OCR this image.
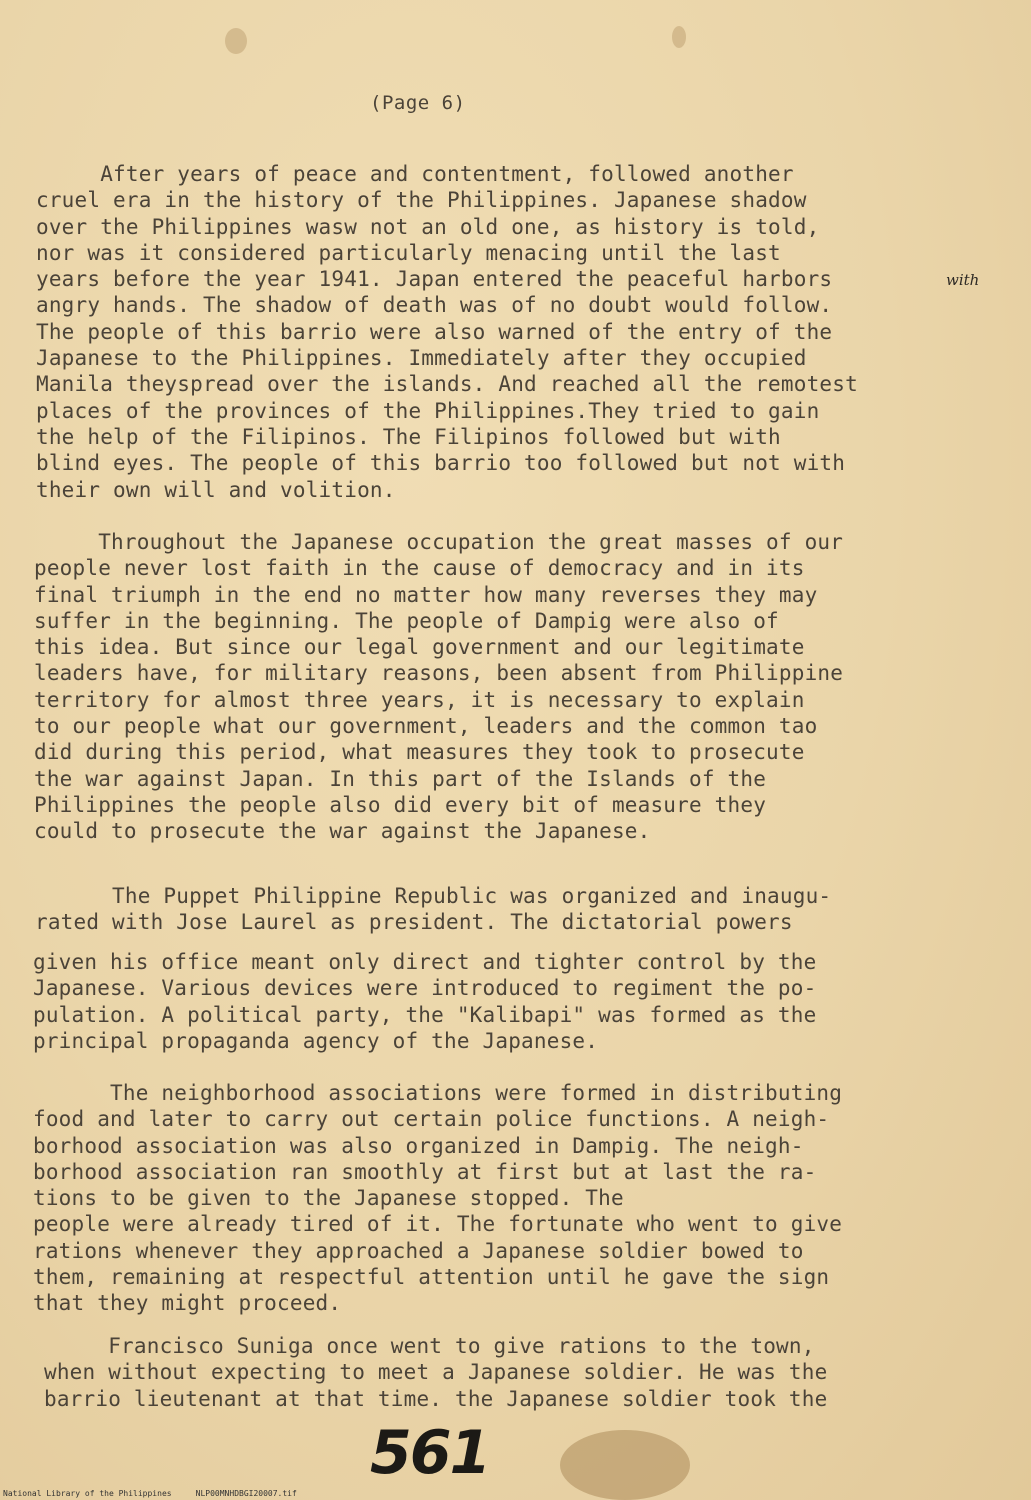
(Page 6)
with

After years of peace and contentment, followed another
cruel era in the history of the Philippines. Japanese shadow
over the Philippines wasw not an old one, as history is told,
nor was it considered particularly menacing until the last
years before the year 1941. Japan entered the peaceful harbors
angry hands. The shadow of death was of no doubt would follow.
The people of this barrio were also warned of the entry of the
Japanese to the Philippines. Immediately after they occupied
Manila theyspread over the islands. And reached all the remotest
places of the provinces of the Philippines.They tried to gain
the help of the Filipinos. The Filipinos followed but with
blind eyes. The people of this barrio too followed but not with
their own will and volition.

Throughout the Japanese occupation the great masses of our
people never lost faith in the cause of democracy and in its
final triumph in the end no matter how many reverses they may
suffer in the beginning. The people of Dampig were also of
this idea. But since our legal government and our legitimate
leaders have, for military reasons, been absent from Philippine
territory for almost three years, it is necessary to explain
to our people what our government, leaders and the common tao
did during this period, what measures they took to prosecute
the war against Japan. In this part of the Islands of the
Philippines the people also did every bit of measure they
could to prosecute the war against the Japanese.

The Puppet Philippine Republic was organized and inaugu-
rated with Jose Laurel as president. The dictatorial powers

given his office meant only direct and tighter control by the
Japanese. Various devices were introduced to regiment the po-
pulation. A political party, the "Kalibapi" was formed as the
principal propaganda agency of the Japanese.

The neighborhood associations were formed in distributing
food and later to carry out certain police functions. A neigh-
borhood association was also organized in Dampig. The neigh-
borhood association ran smoothly at first but at last the ra-
tions to be given to the Japanese stopped. The
people were already tired of it. The fortunate who went to give
rations whenever they approached a Japanese soldier bowed to
them, remaining at respectful attention until he gave the sign
that they might proceed.

Francisco Suniga once went to give rations to the town,
when without expecting to meet a Japanese soldier. He was the
barrio lieutenant at that time. the Japanese soldier took the

561
National Library of the Philippines     NLP00MNHDBGI20007.tif
